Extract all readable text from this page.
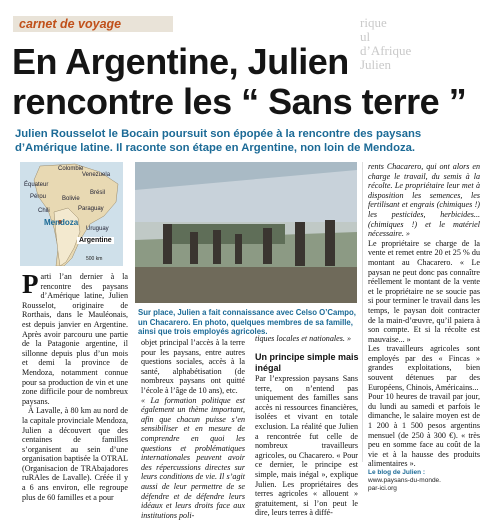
carnet de voyage	rique
ul
d’Afrique
Julien
En Argentine, Julien
rencontre les “ Sans terre ”
Julien Rousselot le Bocain poursuit son épopée à la rencontre des paysans d’Amérique latine. Il raconte son étape en Argentine, non loin de Mendoza.
Colombie
Venezuela
Équateur
Pérou
Brésil
Bolivie
Chili	Paraguay
Uruguay
Mendoza
Argentine
500 km
Sur place, Julien a fait connaissance avec Celso O’Campo, un Chacarero. En photo, quelques membres de sa famille, ainsi que trois employés agricoles.

Parti l’an dernier à la rencontre des paysans d’Amérique latine, Julien Rousselot, originaire de Rorthais, dans le Mauléonais, est depuis janvier en Argentine. Après avoir parcouru une partie de la Patagonie argentine, il sillonne depuis plus d’un mois et demi la province de Mendoza, notamment connue pour sa production de vin et une zone difficile pour de nombreux paysans.

À Lavalle, à 80 km au nord de la capitale provinciale Mendoza, Julien a découvert que des centaines de familles s’organisent au sein d’une organisation baptisée la OTRAL (Organisacion de TRAbajadores ruRAles de Lavalle). Créée il y a 6 ans environ, elle regroupe plus de 60 familles et a pour

objet principal l’accès à la terre pour les paysans, entre autres questions sociales, accès à la santé, alphabétisation (de nombreux paysans ont quitté l’école à l’âge de 10 ans), etc.

« La formation politique est également un thème important, afin que chacun puisse s’en sensibiliser et en mesure de comprendre en quoi les questions et problématiques internationales peuvent avoir des répercussions directes sur leurs conditions de vie. Il s’agit aussi de leur permettre de se défendre et de défendre leurs idéaux et leurs droits face aux institutions poli-

tiques locales et nationales. »

Un principe simple mais inégal

Par l’expression paysans Sans terre, on n’entend pas uniquement des familles sans accès ni ressources financières, isolées et vivant en totale exclusion. La réalité que Julien a rencontrée fut celle de nombreux travailleurs agricoles, ou Chacarero. « Pour ce dernier, le principe est simple, mais inégal », explique Julien. Les propriétaires des terres agricoles « allouent » gratuitement, si l’on peut le dire, leurs terres à diffé-

rents Chacarero, qui ont alors en charge le travail, du semis à la récolte. Le propriétaire leur met à disposition les semences, les fertilisant et engrais (chimiques !) les pesticides, herbicides... (chimiques !) et le matériel nécessaire. »

Le propriétaire se charge de la vente et remet entre 20 et 25 % du montant au Chacarero. « Le paysan ne peut donc pas connaître réellement le montant de la vente et le propriétaire ne se soucie pas si pour terminer le travail dans les temps, le paysan doit contracter de la main-d’œuvre, qu’il paiera à son compte. Et si la récolte est mauvaise... »

Les travailleurs agricoles sont employés par des « Fincas » grandes exploitations, bien souvent détenues par des Européens, Chinois, Américains...

Pour 10 heures de travail par jour, du lundi au samedi et parfois le dimanche, le salaire moyen est de 1 200 à 1 500 pesos argentins mensuel (de 250 à 300 €). « très peu en somme face au coût de la vie et à la hausse des produits alimentaires ».

Le blog de Julien :
www.paysans-du-monde.
par-ici.org
